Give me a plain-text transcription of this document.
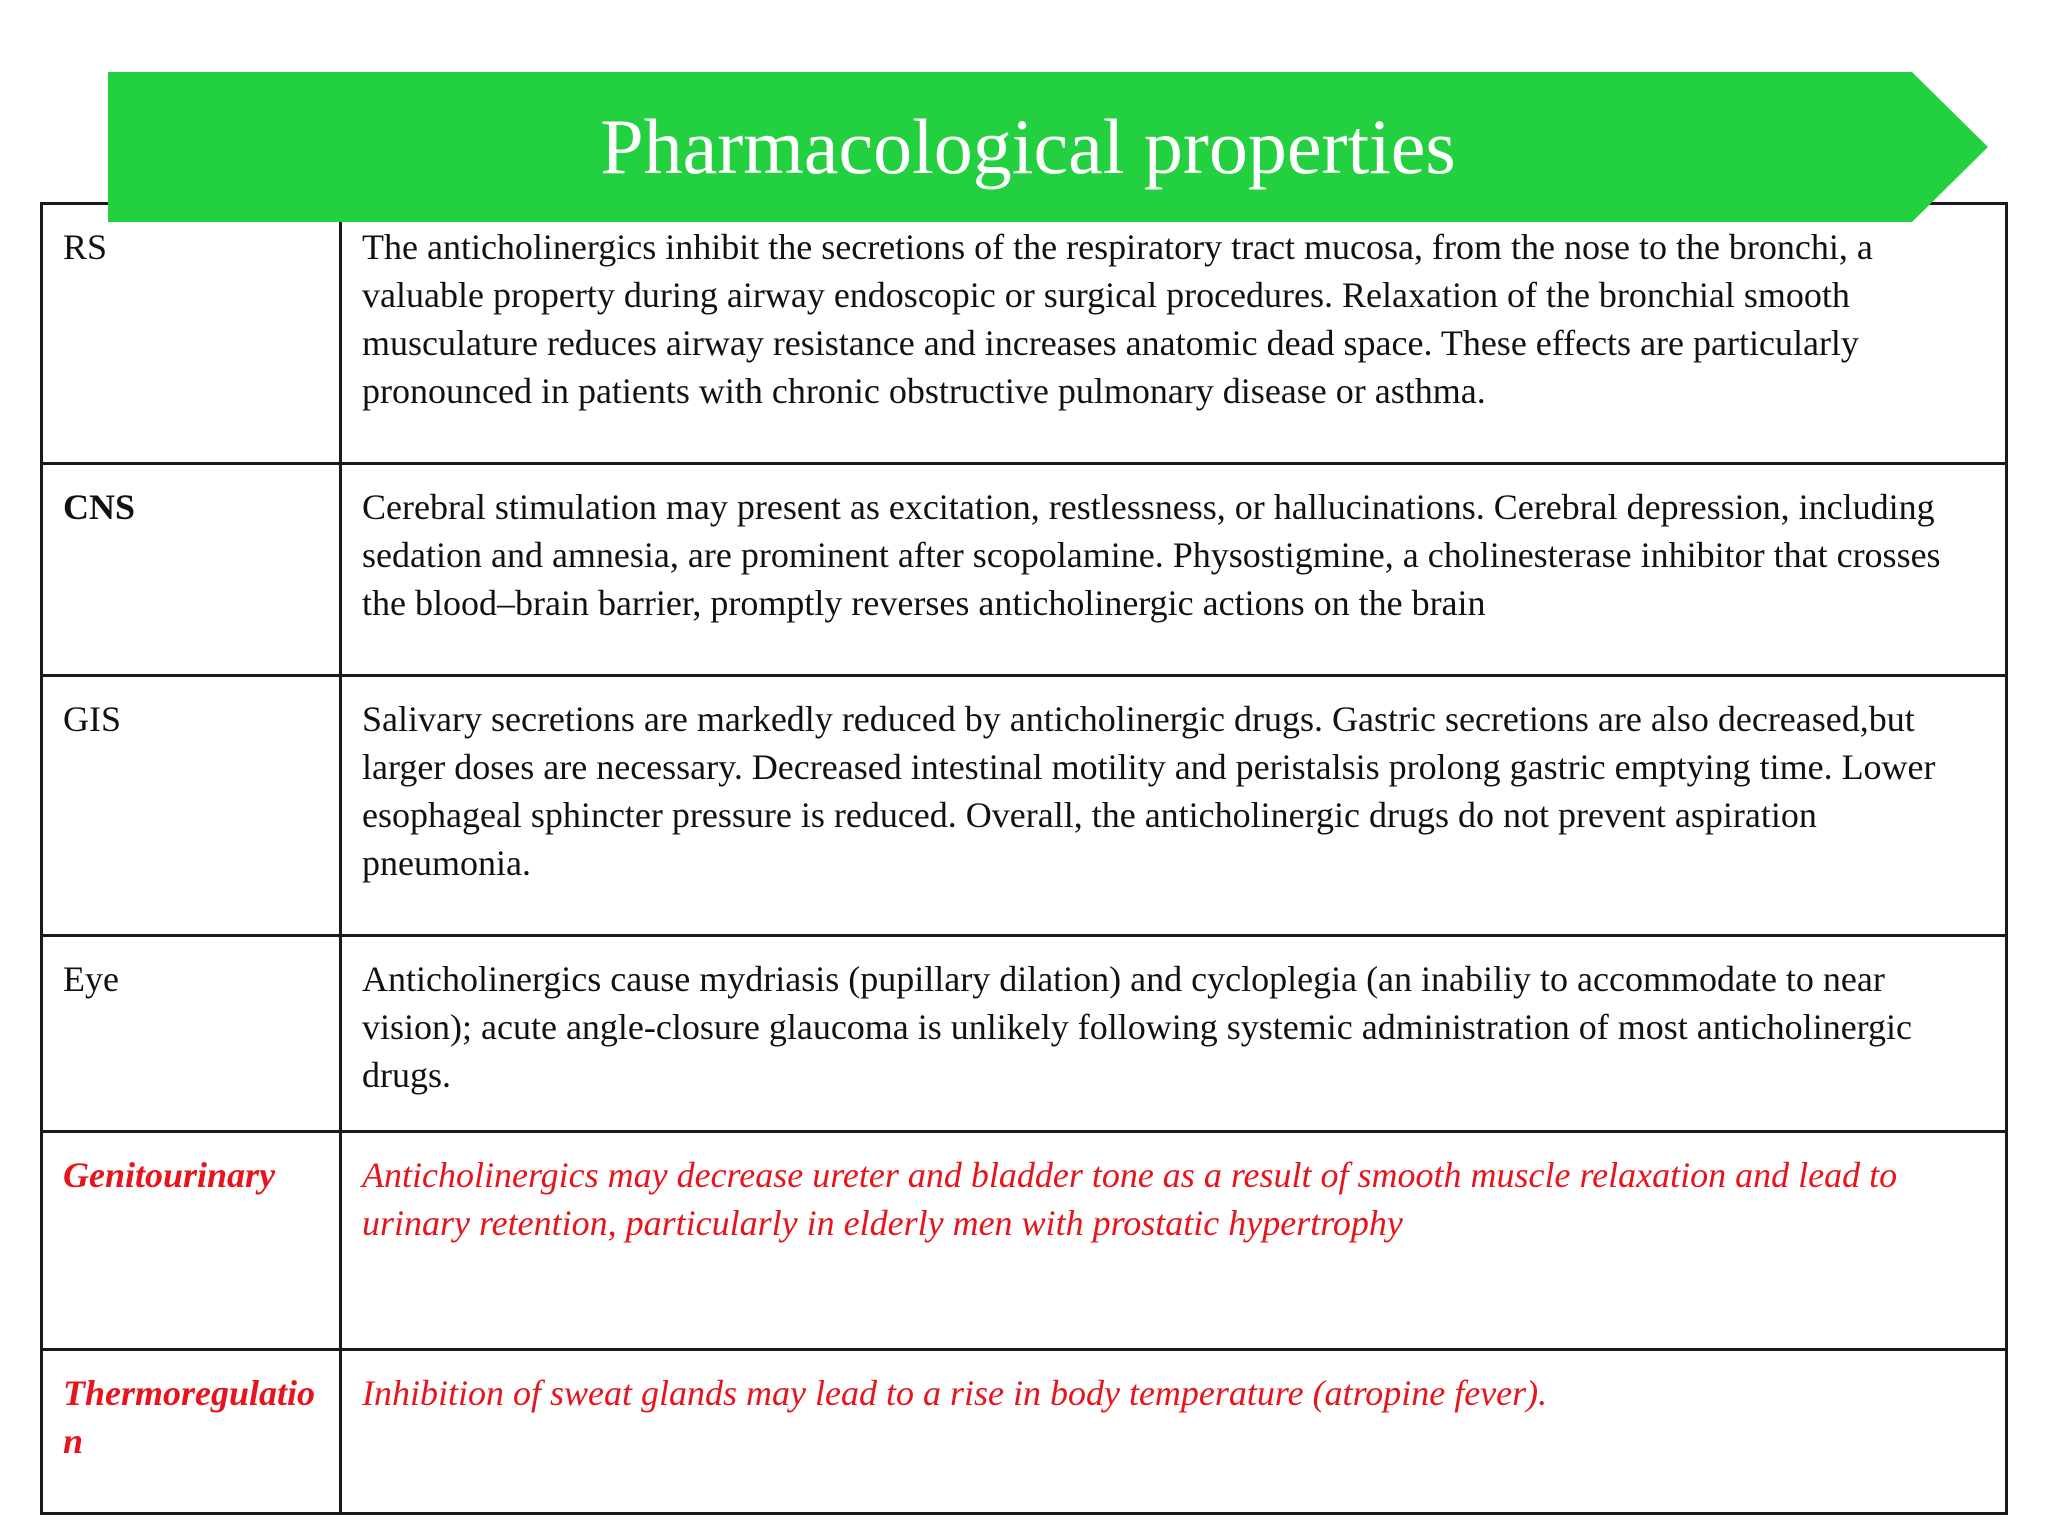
RS	The anticholinergics inhibit the secretions of the respiratory tract mucosa, from the nose to the bronchi, a valuable property during airway endoscopic or surgical procedures. Relaxation of the bronchial smooth musculature reduces airway resistance and increases anatomic dead space. These effects are particularly pronounced in patients with chronic obstructive pulmonary disease or asthma.
CNS	Cerebral stimulation may present as excitation, restlessness, or hallucinations. Cerebral depression, including sedation and amnesia, are prominent after scopolamine. Physostigmine, a cholinesterase inhibitor that crosses the blood–brain barrier, promptly reverses anticholinergic actions on the brain
GIS	Salivary secretions are markedly reduced by anticholinergic drugs. Gastric secretions are also decreased,but larger doses are necessary. Decreased intestinal motility and peristalsis prolong gastric emptying time. Lower esophageal sphincter pressure is reduced. Overall, the anticholinergic drugs do not prevent aspiration pneumonia.
Eye	Anticholinergics cause mydriasis (pupillary dilation) and cycloplegia (an inabiliy to accommodate to near vision); acute angle-closure glaucoma is unlikely following systemic administration of most anticholinergic drugs.
Genitourinary	Anticholinergics may decrease ureter and bladder tone as a result of smooth muscle relaxation and lead to urinary retention, particularly in elderly men with prostatic hypertrophy
Thermoregulation	Inhibition of sweat glands may lead to a rise in body temperature (atropine fever).
Pharmacological properties
